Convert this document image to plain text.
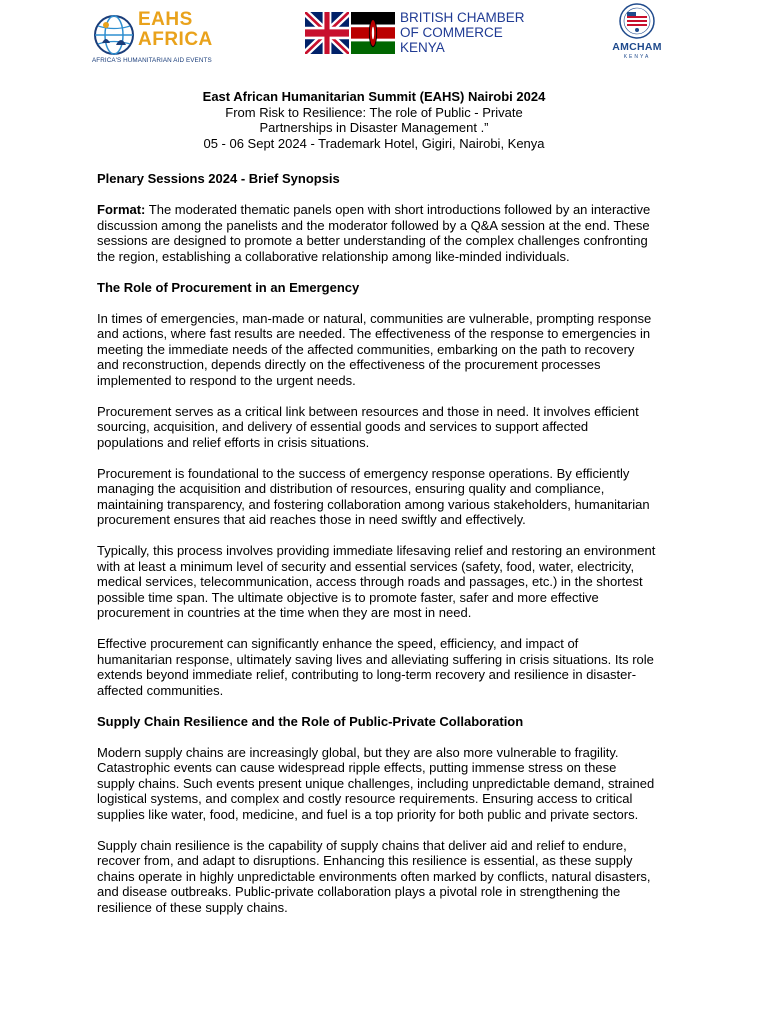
EAHS
AFRICA
AFRICA'S HUMANITARIAN AID EVENTS
BRITISH CHAMBER
OF COMMERCE
KENYA	AMCHAM
KENYA
East African Humanitarian Summit (EAHS) Nairobi 2024
From Risk to Resilience: The role of Public - Private
Partnerships in Disaster Management .”
05 - 06 Sept 2024 - Trademark Hotel, Gigiri, Nairobi, Kenya
Plenary Sessions 2024 - Brief Synopsis

Format: The moderated thematic panels open with short introductions followed by an interactive discussion among the panelists and the moderator followed by a Q&A session at the end. These sessions are designed to promote a better understanding of the complex challenges confronting the region, establishing a collaborative relationship among like-minded individuals.

The Role of Procurement in an Emergency

In times of emergencies, man-made or natural, communities are vulnerable, prompting response and actions, where fast results are needed. The effectiveness of the response to emergencies in meeting the immediate needs of the affected communities, embarking on the path to recovery and reconstruction, depends directly on the effectiveness of the procurement processes implemented to respond to the urgent needs.

Procurement serves as a critical link between resources and those in need. It involves efficient sourcing, acquisition, and delivery of essential goods and services to support affected populations and relief efforts in crisis situations.

Procurement is foundational to the success of emergency response operations. By efficiently managing the acquisition and distribution of resources, ensuring quality and compliance, maintaining transparency, and fostering collaboration among various stakeholders, humanitarian procurement ensures that aid reaches those in need swiftly and effectively.

Typically, this process involves providing immediate lifesaving relief and restoring an environment with at least a minimum level of security and essential services (safety, food, water, electricity, medical services, telecommunication, access through roads and passages, etc.) in the shortest possible time span. The ultimate objective is to promote faster, safer and more effective procurement in countries at the time when they are most in need.

Effective procurement can significantly enhance the speed, efficiency, and impact of humanitarian response, ultimately saving lives and alleviating suffering in crisis situations. Its role extends beyond immediate relief, contributing to long-term recovery and resilience in disaster-affected communities.

Supply Chain Resilience and the Role of Public-Private Collaboration

Modern supply chains are increasingly global, but they are also more vulnerable to fragility. Catastrophic events can cause widespread ripple effects, putting immense stress on these supply chains. Such events present unique challenges, including unpredictable demand, strained logistical systems, and complex and costly resource requirements. Ensuring access to critical supplies like water, food, medicine, and fuel is a top priority for both public and private sectors.

Supply chain resilience is the capability of supply chains that deliver aid and relief to endure, recover from, and adapt to disruptions. Enhancing this resilience is essential, as these supply chains operate in highly unpredictable environments often marked by conflicts, natural disasters, and disease outbreaks. Public-private collaboration plays a pivotal role in strengthening the resilience of these supply chains.
